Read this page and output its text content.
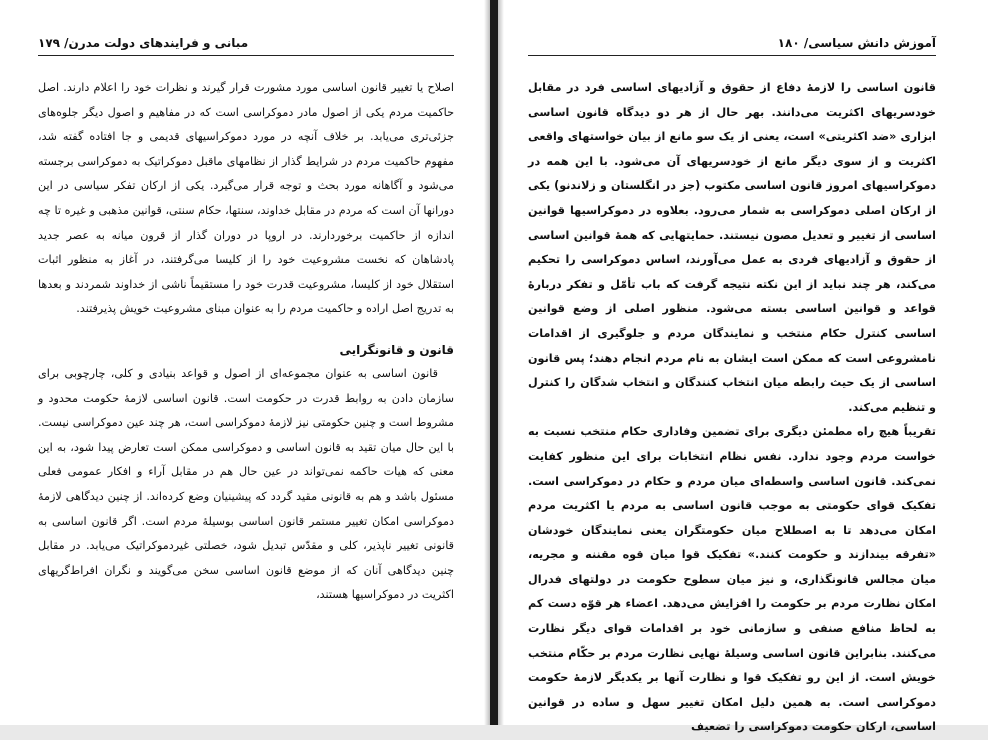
مبانی و فرایندهای دولت مدرن/ ۱۷۹

اصلاح یا تغییر قانون اساسی مورد مشورت قرار گیرند و نظرات خود را اعلام دارند. اصل حاکمیت مردم یکی از اصول مادر دموکراسی است که در مفاهیم و اصول دیگر جلوه‌های جزئی‌تری می‌یابد. بر خلاف آنچه در مورد دموکراسیهای قدیمی و جا افتاده گفته شد، مفهوم حاکمیت مردم در شرایط گذار از نظامهای ماقبل دموکراتیک به دموکراسی برجسته می‌شود و آگاهانه مورد بحث و توجه قرار می‌گیرد. یکی از ارکان تفکر سیاسی در این دورانها آن است که مردم در مقابل خداوند، سنتها، حکام سنتی، قوانین مذهبی و غیره تا چه اندازه از حاکمیت برخوردارند. در اروپا در دوران گذار از قرون میانه به عصر جدید پادشاهان که نخست مشروعیت خود را از کلیسا می‌گرفتند، در آغاز به منظور اثبات استقلال خود از کلیسا، مشروعیت قدرت خود را مستقیماً ناشی از خداوند شمردند و بعدها به تدریج اصل اراده و حاکمیت مردم را به عنوان مبنای مشروعیت خویش پذیرفتند.

قانون و قانونگرایی

قانون اساسی به عنوان مجموعه‌ای از اصول و قواعد بنیادی و کلی، چارچوبی برای سازمان دادن به روابط قدرت در حکومت است. قانون اساسی لازمهٔ حکومت محدود و مشروط است و چنین حکومتی نیز لازمهٔ دموکراسی است، هر چند عین دموکراسی نیست. با این حال میان تقید به قانون اساسی و دموکراسی ممکن است تعارض پیدا شود، به این معنی که هیات حاکمه نمی‌تواند در عین حال هم در مقابل آراء و افکار عمومی فعلی مسئول باشد و هم به قانونی مقید گردد که پیشینیان وضع کرده‌اند. از چنین دیدگاهی لازمهٔ دموکراسی امکان تغییر مستمر قانون اساسی بوسیلهٔ مردم است. اگر قانون اساسی به قانونی تغییر ناپذیر، کلی و مقدّس تبدیل شود، خصلتی غیردموکراتیک می‌یابد. در مقابل چنین دیدگاهی آنان که از موضع قانون اساسی سخن می‌گویند و نگران افراط‌گریهای اکثریت در دموکراسیها هستند،

آموزش دانش سیاسی/ ۱۸۰

قانون اساسی را لازمهٔ دفاع از حقوق و آزادیهای اساسی فرد در مقابل خودسریهای اکثریت می‌دانند. بهر حال از هر دو دیدگاه قانون اساسی ابزاری «ضد اکثریتی» است، یعنی از یک سو مانع از بیان خواستهای واقعی اکثریت و از سوی دیگر مانع از خودسریهای آن می‌شود. با این همه در دموکراسیهای امروز قانون اساسی مکتوب (جز در انگلستان و زلاندنو) یکی از ارکان اصلی دموکراسی به شمار می‌رود. بعلاوه در دموکراسیها قوانین اساسی از تغییر و تعدیل مصون نیستند. حمایتهایی که همهٔ قوانین اساسی از حقوق و آزادیهای فردی به عمل می‌آورند، اساس دموکراسی را تحکیم می‌کند، هر چند نباید از این نکته نتیجه گرفت که باب تأمّل و تفکر دربارهٔ قواعد و قوانین اساسی بسته می‌شود. منظور اصلی از وضع قوانین اساسی کنترل حکام منتخب و نمایندگان مردم و جلوگیری از اقدامات نامشروعی است که ممکن است ایشان به نام مردم انجام دهند؛ پس قانون اساسی از یک حیث رابطه میان انتخاب کنندگان و انتخاب شدگان را کنترل و تنظیم می‌کند.

تقریباً هیچ راه مطمئن دیگری برای تضمین وفاداری حکام منتخب نسبت به خواست مردم وجود ندارد. نفس نظام انتخابات برای این منظور کفایت نمی‌کند. قانون اساسی واسطه‌ای میان مردم و حکام در دموکراسی است. تفکیک قوای حکومتی به موجب قانون اساسی به مردم یا اکثریت مردم امکان می‌دهد تا به اصطلاح میان حکومتگران یعنی نمایندگان خودشان «تفرقه بیندازند و حکومت کنند.» تفکیک قوا میان قوه مقننه و مجریه، میان مجالس قانونگذاری، و نیز میان سطوح حکومت در دولتهای فدرال امکان نظارت مردم بر حکومت را افزایش می‌دهد. اعضاء هر قوّه دست کم به لحاظ منافع صنفی و سازمانی خود بر اقدامات قوای دیگر نظارت می‌کنند. بنابراین قانون اساسی وسیلهٔ نهایی نظارت مردم بر حکّام منتخب خویش است. از این رو تفکیک قوا و نظارت آنها بر یکدیگر لازمهٔ حکومت دموکراسی است. به همین دلیل امکان تغییر سهل و ساده در قوانین اساسی، ارکان حکومت دموکراسی را تضعیف
